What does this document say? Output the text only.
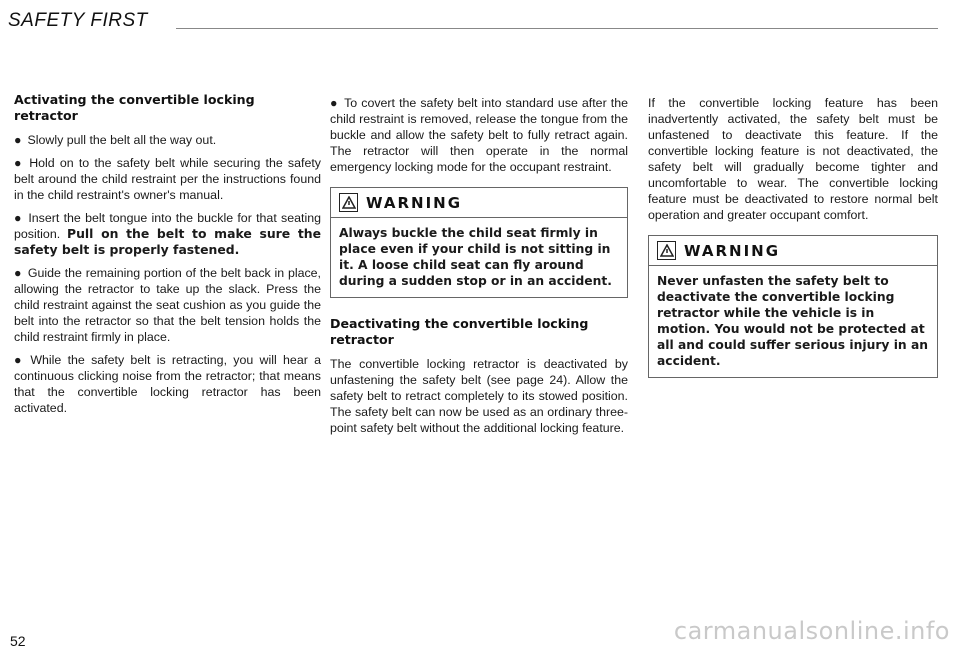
SAFETY FIRST
Activating the convertible locking retractor
● Slowly pull the belt all the way out.
● Hold on to the safety belt while securing the safety belt around the child restraint per the instructions found in the child restraint's owner's manual.
● Insert the belt tongue into the buckle for that seating position. Pull on the belt to make sure the safety belt is properly fastened.
● Guide the remaining portion of the belt back in place, allowing the retractor to take up the slack. Press the child restraint against the seat cushion as you guide the belt into the retractor so that the belt tension holds the child restraint firmly in place.
● While the safety belt is retracting, you will hear a continuous clicking noise from the retractor; that means that the convertible locking retractor has been activated.
● To covert the safety belt into standard use after the child restraint is removed, release the tongue from the buckle and allow the safety belt to fully retract again. The retractor will then operate in the normal emergency locking mode for the occupant restraint.
WARNING
Always buckle the child seat firmly in place even if your child is not sitting in it. A loose child seat can fly around during a sudden stop or in an accident.
Deactivating the convertible locking retractor
The convertible locking retractor is deactivated by unfastening the safety belt (see page 24). Allow the safety belt to retract completely to its stowed position. The safety belt can now be used as an ordinary three-point safety belt without the additional locking feature.
If the convertible locking feature has been inadvertently activated, the safety belt must be unfastened to deactivate this feature. If the convertible locking feature is not deactivated, the safety belt will gradually become tighter and uncomfortable to wear. The convertible locking feature must be deactivated to restore normal belt operation and greater occupant comfort.
WARNING
Never unfasten the safety belt to deactivate the convertible locking retractor while the vehicle is in motion. You would not be protected at all and could suffer serious injury in an accident.
52	carmanualsonline.info
